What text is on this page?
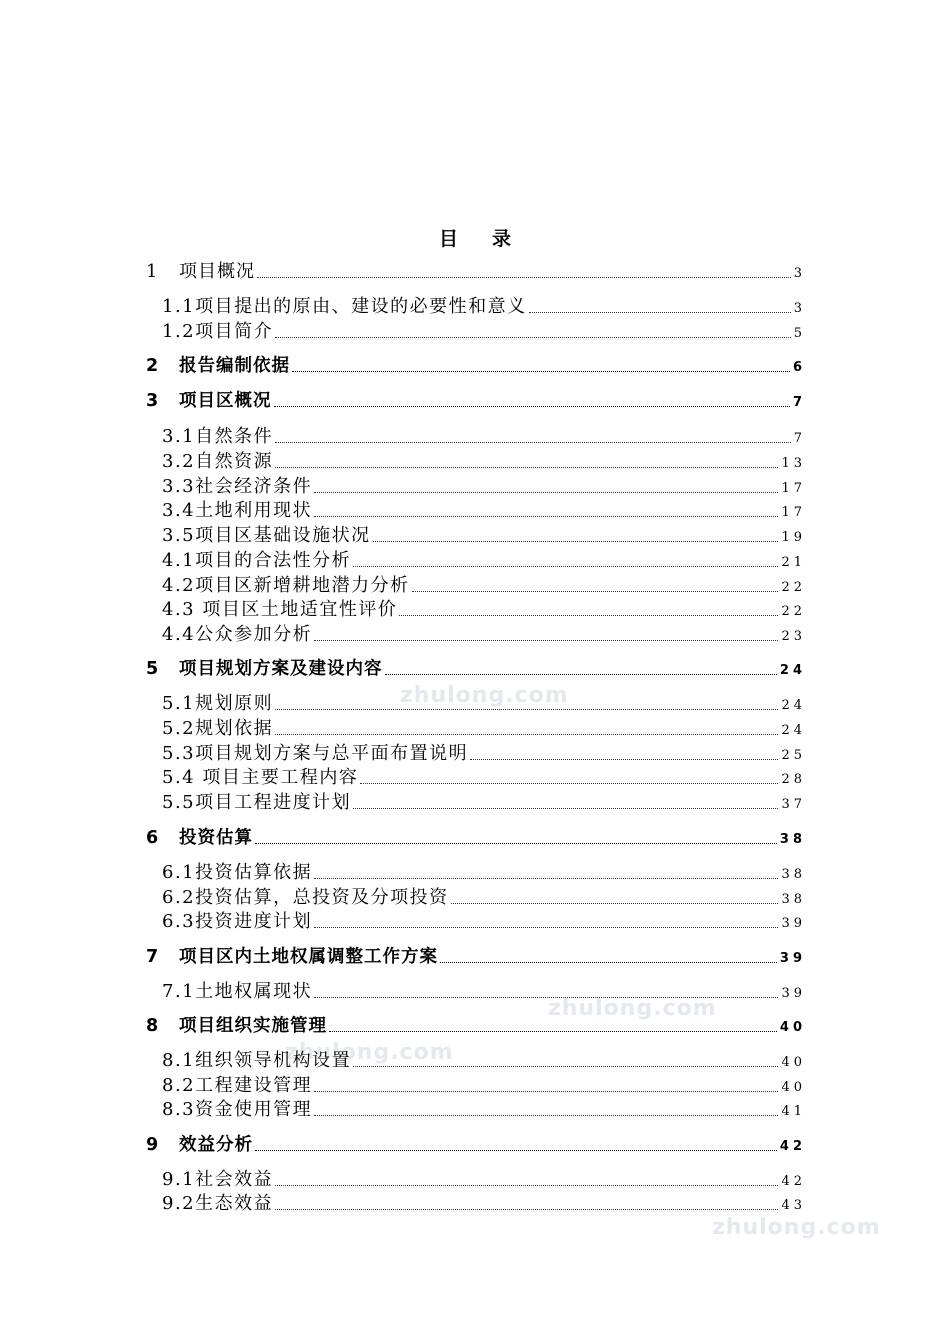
目 录
zhulong.com
zhulong.com
zhulong.com
zhulong.com
1 项目概况	3
1.1项目提出的原由、建设的必要性和意义	3
1.2项目简介	5
2 报告编制依据	6
3 项目区概况	7
3.1自然条件	7
3.2自然资源	13
3.3社会经济条件	17
3.4土地利用现状	17
3.5项目区基础设施状况	19
4.1项目的合法性分析	21
4.2项目区新增耕地潜力分析	22
4.3 项目区土地适宜性评价	22
4.4公众参加分析	23
5 项目规划方案及建设内容	24
5.1规划原则	24
5.2规划依据	24
5.3项目规划方案与总平面布置说明	25
5.4 项目主要工程内容	28
5.5项目工程进度计划	37
6 投资估算	38
6.1投资估算依据	38
6.2投资估算，总投资及分项投资	38
6.3投资进度计划	39
7 项目区内土地权属调整工作方案	39
7.1土地权属现状	39
8 项目组织实施管理	40
8.1组织领导机构设置	40
8.2工程建设管理	40
8.3资金使用管理	41
9 效益分析	42
9.1社会效益	42
9.2生态效益	43
